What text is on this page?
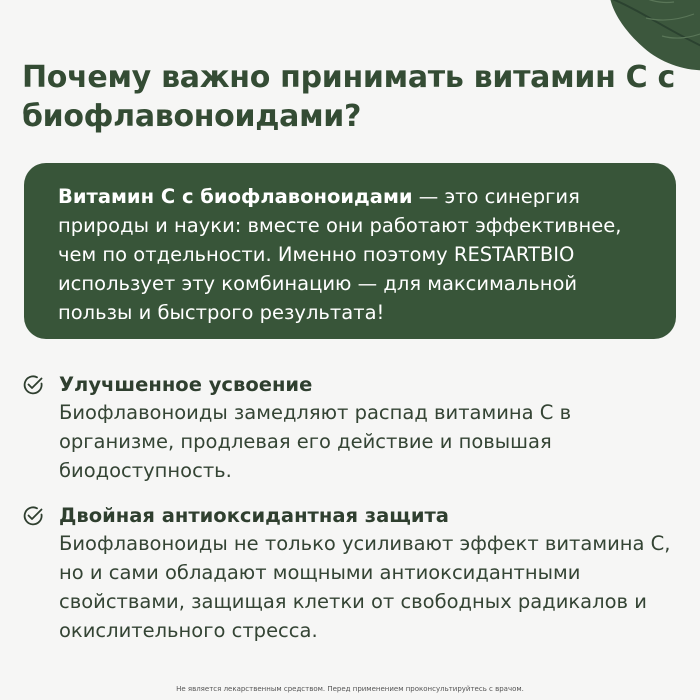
Почему важно принимать витамин С с биофлавоноидами?
Витамин С с биофлавоноидами — это синергия природы и науки: вместе они работают эффективнее, чем по отдельности. Именно поэтому RESTARTBIO использует эту комбинацию — для максимальной пользы и быстрого результата!

Улучшенное усвоение

Биофлавоноиды замедляют распад витамина С в организме, продлевая его действие и повышая биодоступность.

Двойная антиоксидантная защита

Биофлавоноиды не только усиливают эффект витамина С, но и сами обладают мощными антиоксидантными свойствами, защищая клетки от свободных радикалов и окислительного стресса.

Не является лекарственным средством. Перед применением проконсультируйтесь с врачом.
